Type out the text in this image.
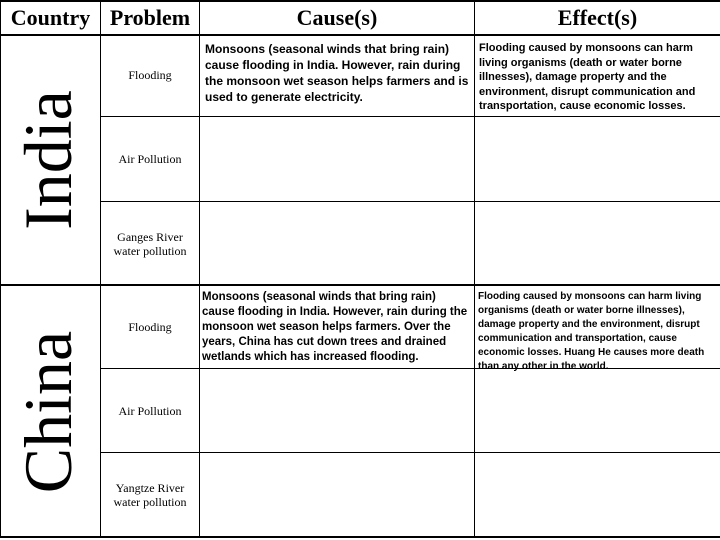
Country Problem	Cause(s)	Effect(s)
India
China
Flooding
Air Pollution
Ganges River
water pollution
Flooding
Air Pollution
Yangtze River
water pollution
Monsoons (seasonal winds that bring rain) cause flooding in India. However, rain during the monsoon wet season helps farmers and is used to generate electricity.
Flooding caused by monsoons can harm living organisms (death or water borne illnesses), damage property and the environment, disrupt communication and transportation, cause economic losses.
Monsoons (seasonal winds that bring rain) cause flooding in India. However, rain during the monsoon wet season helps farmers. Over the years, China has cut down trees and drained wetlands which has increased flooding.
Flooding caused by monsoons can harm living
organisms (death or water borne illnesses),
damage property and the environment, disrupt
communication and transportation, cause
economic losses. Huang He causes more death
than any other in the world.
